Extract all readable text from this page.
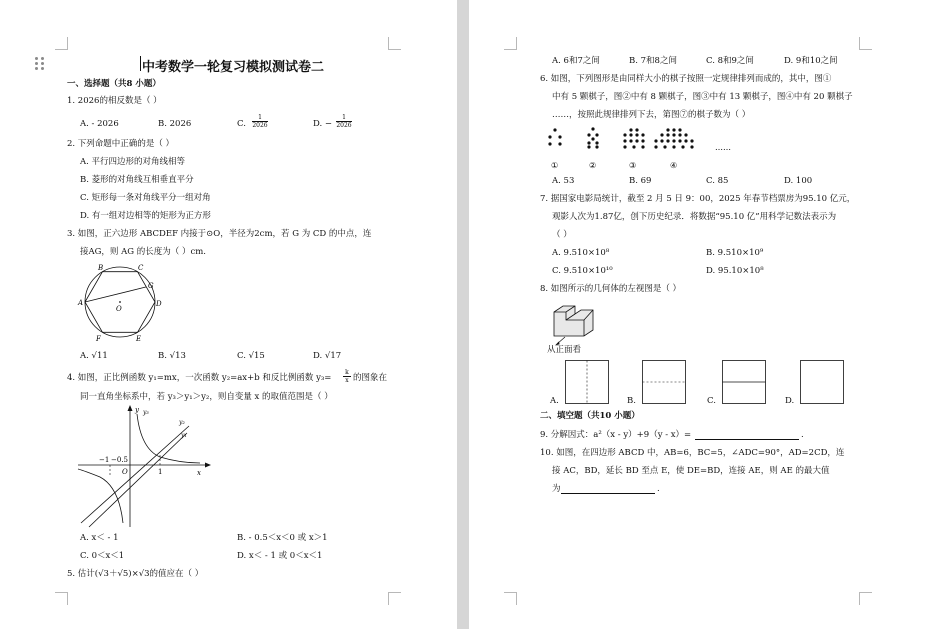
中考数学一轮复习模拟测试卷二
一、选择题（共8 小题）
1. 2026的相反数是（ ）
A. - 2026	B. 2026	C. $\frac{1}{2026}$	D. − $\frac{1}{2026}$
2. 下列命题中正确的是（ ）
A. 平行四边形的对角线相等
B. 菱形的对角线互相垂直平分
C. 矩形每一条对角线平分一组对角
D. 有一组对边相等的矩形为正方形
3. 如图，正六边形 ABCDEF 内接于⊙O，半径为2cm，若 G 为 CD 的中点，连
接AG，则 AG 的长度为（ ）cm.
A
B	C
D
E
F
G
O
A. √11	B. √13	C. √15	D. √17
4. 如图，正比例函数 y₁=mx，一次函数 y₂=ax+b 和反比例函数 $y_3= \frac{k}{x}$ 的图象在
同一直角坐标系中，若 y₃＞y₁＞y₂，则自变量 x 的取值范围是（ ）
y
x
O
−1 −0.5
1
y₃
y₂
y₁
A. x＜ - 1	B. - 0.5＜x＜0 或 x＞1
C. 0＜x＜1	D. x＜ - 1 或 0＜x＜1
5. 估计(√3＋√5)×√3的值应在（ ）
A. 6和7之间	B. 7和8之间	C. 8和9之间	D. 9和10之间
6. 如图，下列图形是由同样大小的棋子按照一定规律排列而成的，其中，图①
中有 5 颗棋子，图②中有 8 颗棋子，图③中有 13 颗棋子，图④中有 20 颗棋子
……，按照此规律排列下去，第图⑦的棋子数为（ ）
①	②	③	④
……
A. 53	B. 69	C. 85	D. 100
7. 据国家电影局统计，截至 2 月 5 日 9：00，2025 年春节档票房为95.10 亿元，
观影人次为1.87亿，创下历史纪录．将数据“95.10 亿”用科学记数法表示为
（ ）
A. 9.510×10⁸	B. 9.510×10⁹
C. 9.510×10¹⁰	D. 95.10×10⁸
8. 如图所示的几何体的左视图是（ ）
从正面看
A.	B.	C.	D.
二、填空题（共10 小题）
9. 分解因式：a²（x - y）+9（y - x）=	.
10. 如图，在四边形 ABCD 中，AB=6，BC=5，∠ADC=90°，AD=2CD，连
接 AC，BD，延长 BD 至点 E，使 DE=BD，连接 AE，则 AE 的最大值
为	.
